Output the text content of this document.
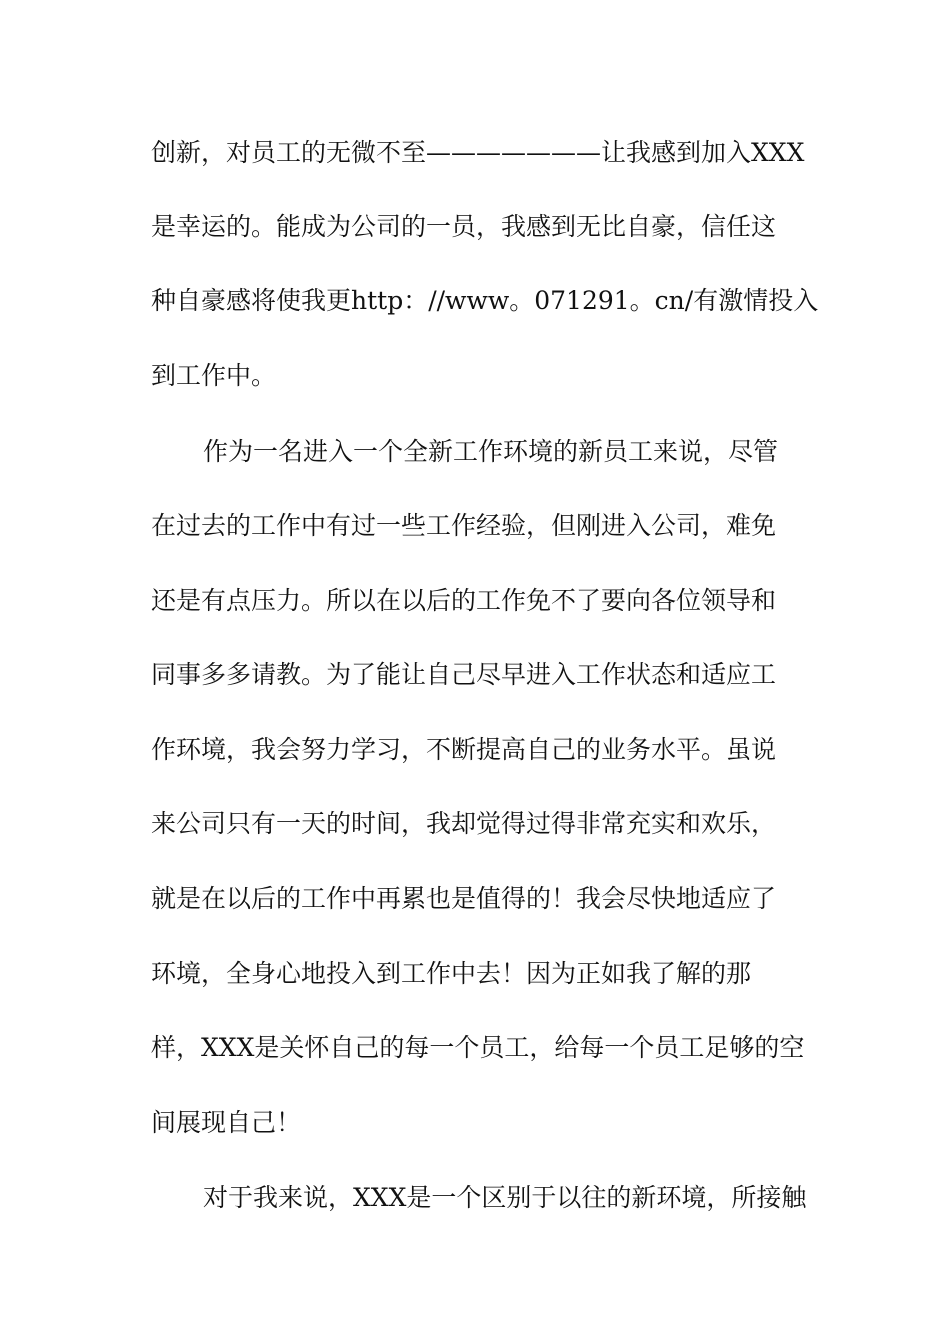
创新，对员工的无微不至———————让我感到加入XXX
是幸运的。能成为公司的一员，我感到无比自豪，信任这
种自豪感将使我更http：//www。071291。cn/有激情投入
到工作中。
作为一名进入一个全新工作环境的新员工来说，尽管
在过去的工作中有过一些工作经验，但刚进入公司，难免
还是有点压力。所以在以后的工作免不了要向各位领导和
同事多多请教。为了能让自己尽早进入工作状态和适应工
作环境，我会努力学习，不断提高自己的业务水平。虽说
来公司只有一天的时间，我却觉得过得非常充实和欢乐，
就是在以后的工作中再累也是值得的！我会尽快地适应了
环境，全身心地投入到工作中去！因为正如我了解的那
样，XXX是关怀自己的每一个员工，给每一个员工足够的空
间展现自己！
对于我来说，XXX是一个区别于以往的新环境，所接触
